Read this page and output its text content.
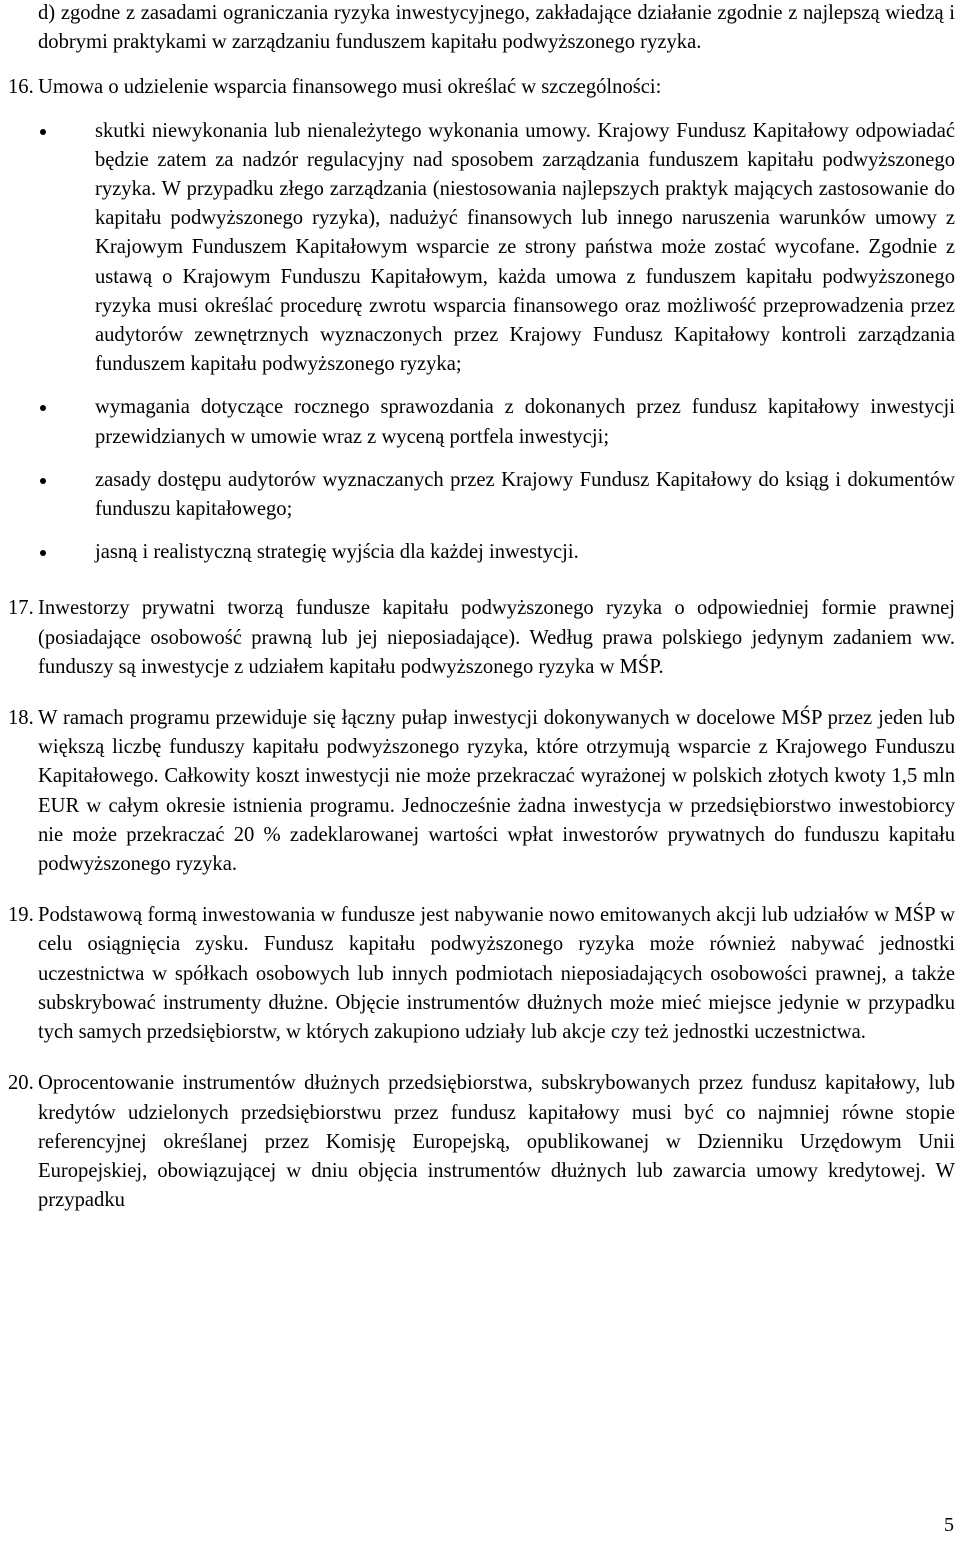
d) zgodne z zasadami ograniczania ryzyka inwestycyjnego, zakładające działanie zgodnie z najlepszą wiedzą i dobrymi praktykami w zarządzaniu funduszem kapitału podwyższonego ryzyka.

16. Umowa o udzielenie wsparcia finansowego musi określać w szczególności:

skutki niewykonania lub nienależytego wykonania umowy. Krajowy Fundusz Kapitałowy odpowiadać będzie zatem za nadzór regulacyjny nad sposobem zarządzania funduszem kapitału podwyższonego ryzyka. W przypadku złego zarządzania (niestosowania najlepszych praktyk mających zastosowanie do kapitału podwyższonego ryzyka), nadużyć finansowych lub innego naruszenia warunków umowy z Krajowym Funduszem Kapitałowym wsparcie ze strony państwa może zostać wycofane. Zgodnie z ustawą o Krajowym Funduszu Kapitałowym, każda umowa z funduszem kapitału podwyższonego ryzyka musi określać procedurę zwrotu wsparcia finansowego oraz możliwość przeprowadzenia przez audytorów zewnętrznych wyznaczonych przez Krajowy Fundusz Kapitałowy kontroli zarządzania funduszem kapitału podwyższonego ryzyka;

wymagania dotyczące rocznego sprawozdania z dokonanych przez fundusz kapitałowy inwestycji przewidzianych w umowie wraz z wyceną portfela inwestycji;

zasady dostępu audytorów wyznaczanych przez Krajowy Fundusz Kapitałowy do ksiąg i dokumentów funduszu kapitałowego;

jasną i realistyczną strategię wyjścia dla każdej inwestycji.

17. Inwestorzy prywatni tworzą fundusze kapitału podwyższonego ryzyka o odpowiedniej formie prawnej (posiadające osobowość prawną lub jej nieposiadające). Według prawa polskiego jedynym zadaniem ww. funduszy są inwestycje z udziałem kapitału podwyższonego ryzyka w MŚP.

18. W ramach programu przewiduje się łączny pułap inwestycji dokonywanych w docelowe MŚP przez jeden lub większą liczbę funduszy kapitału podwyższonego ryzyka, które otrzymują wsparcie z Krajowego Funduszu Kapitałowego. Całkowity koszt inwestycji nie może przekraczać wyrażonej w polskich złotych kwoty 1,5 mln EUR w całym okresie istnienia programu. Jednocześnie żadna inwestycja w przedsiębiorstwo inwestobiorcy nie może przekraczać 20 % zadeklarowanej wartości wpłat inwestorów prywatnych do funduszu kapitału podwyższonego ryzyka.

19. Podstawową formą inwestowania w fundusze jest nabywanie nowo emitowanych akcji lub udziałów w MŚP w celu osiągnięcia zysku. Fundusz kapitału podwyższonego ryzyka może również nabywać jednostki uczestnictwa w spółkach osobowych lub innych podmiotach nieposiadających osobowości prawnej, a także subskrybować instrumenty dłużne. Objęcie instrumentów dłużnych może mieć miejsce jedynie w przypadku tych samych przedsiębiorstw, w których zakupiono udziały lub akcje czy też jednostki uczestnictwa.

20. Oprocentowanie instrumentów dłużnych przedsiębiorstwa, subskrybowanych przez fundusz kapitałowy, lub kredytów udzielonych przedsiębiorstwu przez fundusz kapitałowy musi być co najmniej równe stopie referencyjnej określanej przez Komisję Europejską, opublikowanej w Dzienniku Urzędowym Unii Europejskiej, obowiązującej w dniu objęcia instrumentów dłużnych lub zawarcia umowy kredytowej. W przypadku

5
